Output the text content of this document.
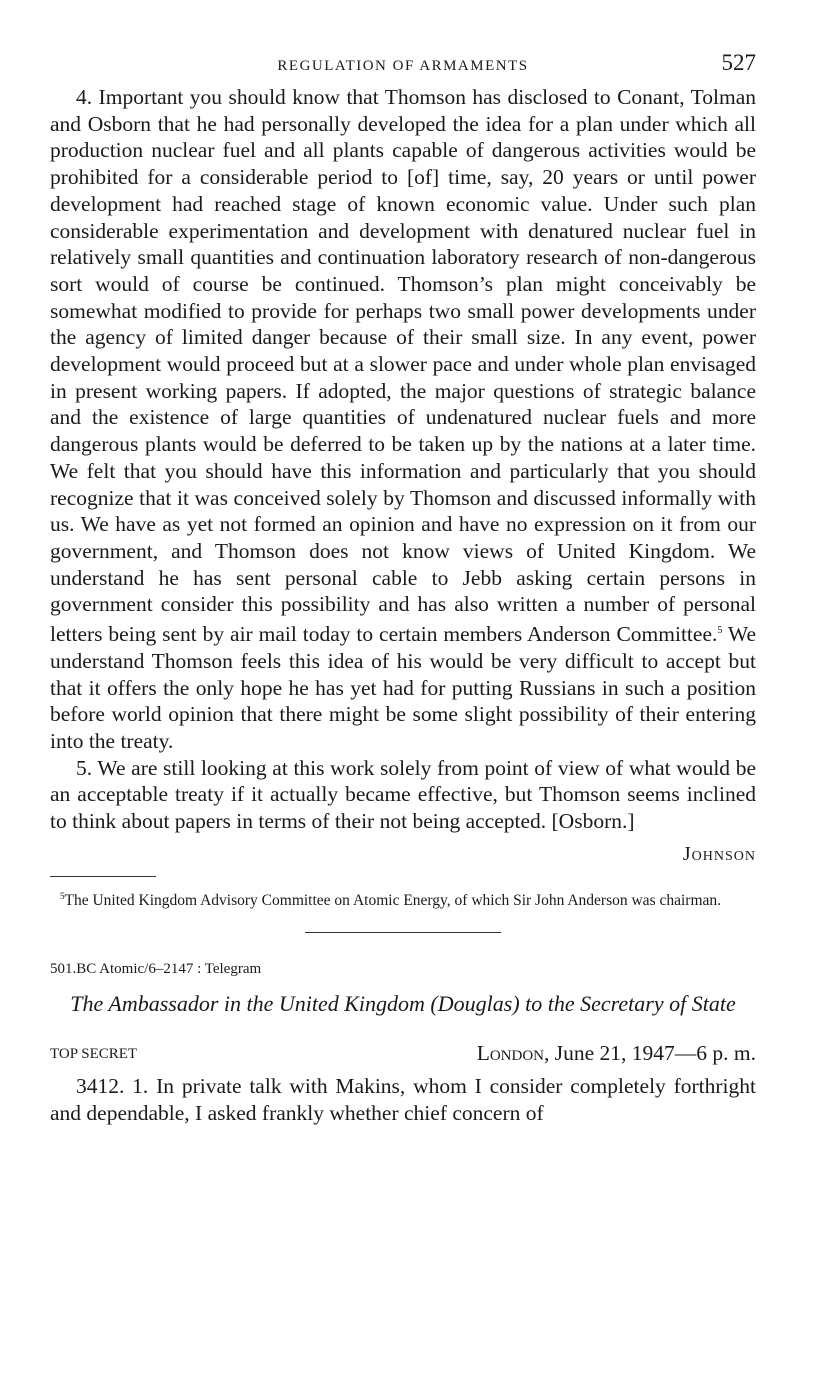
REGULATION OF ARMAMENTS	527

4. Important you should know that Thomson has disclosed to Conant, Tolman and Osborn that he had personally developed the idea for a plan under which all production nuclear fuel and all plants capable of dangerous activities would be prohibited for a considerable period to [of] time, say, 20 years or until power development had reached stage of known economic value. Under such plan considerable experimentation and development with denatured nuclear fuel in relatively small quantities and continuation laboratory research of non-dangerous sort would of course be continued. Thomson’s plan might conceivably be somewhat modified to provide for perhaps two small power developments under the agency of limited danger because of their small size. In any event, power development would proceed but at a slower pace and under whole plan envisaged in present working papers. If adopted, the major questions of strategic balance and the existence of large quantities of undenatured nuclear fuels and more dangerous plants would be deferred to be taken up by the nations at a later time. We felt that you should have this information and particularly that you should recognize that it was conceived solely by Thomson and discussed informally with us. We have as yet not formed an opinion and have no expression on it from our government, and Thomson does not know views of United Kingdom. We understand he has sent personal cable to Jebb asking certain persons in government consider this possibility and has also written a number of personal letters being sent by air mail today to certain members Anderson Committee.$^5$ We understand Thomson feels this idea of his would be very difficult to accept but that it offers the only hope he has yet had for putting Russians in such a position before world opinion that there might be some slight possibility of their entering into the treaty.

5. We are still looking at this work solely from point of view of what would be an acceptable treaty if it actually became effective, but Thomson seems inclined to think about papers in terms of their not being accepted. [Osborn.]

Johnson

$^5$The United Kingdom Advisory Committee on Atomic Energy, of which Sir John Anderson was chairman.

501.BC Atomic/6–2147 : Telegram
The Ambassador in the United Kingdom (Douglas) to the Secretary of State
TOP SECRET	London, June 21, 1947—6 p. m.
3412. 1. In private talk with Makins, whom I consider completely forthright and dependable, I asked frankly whether chief concern of
